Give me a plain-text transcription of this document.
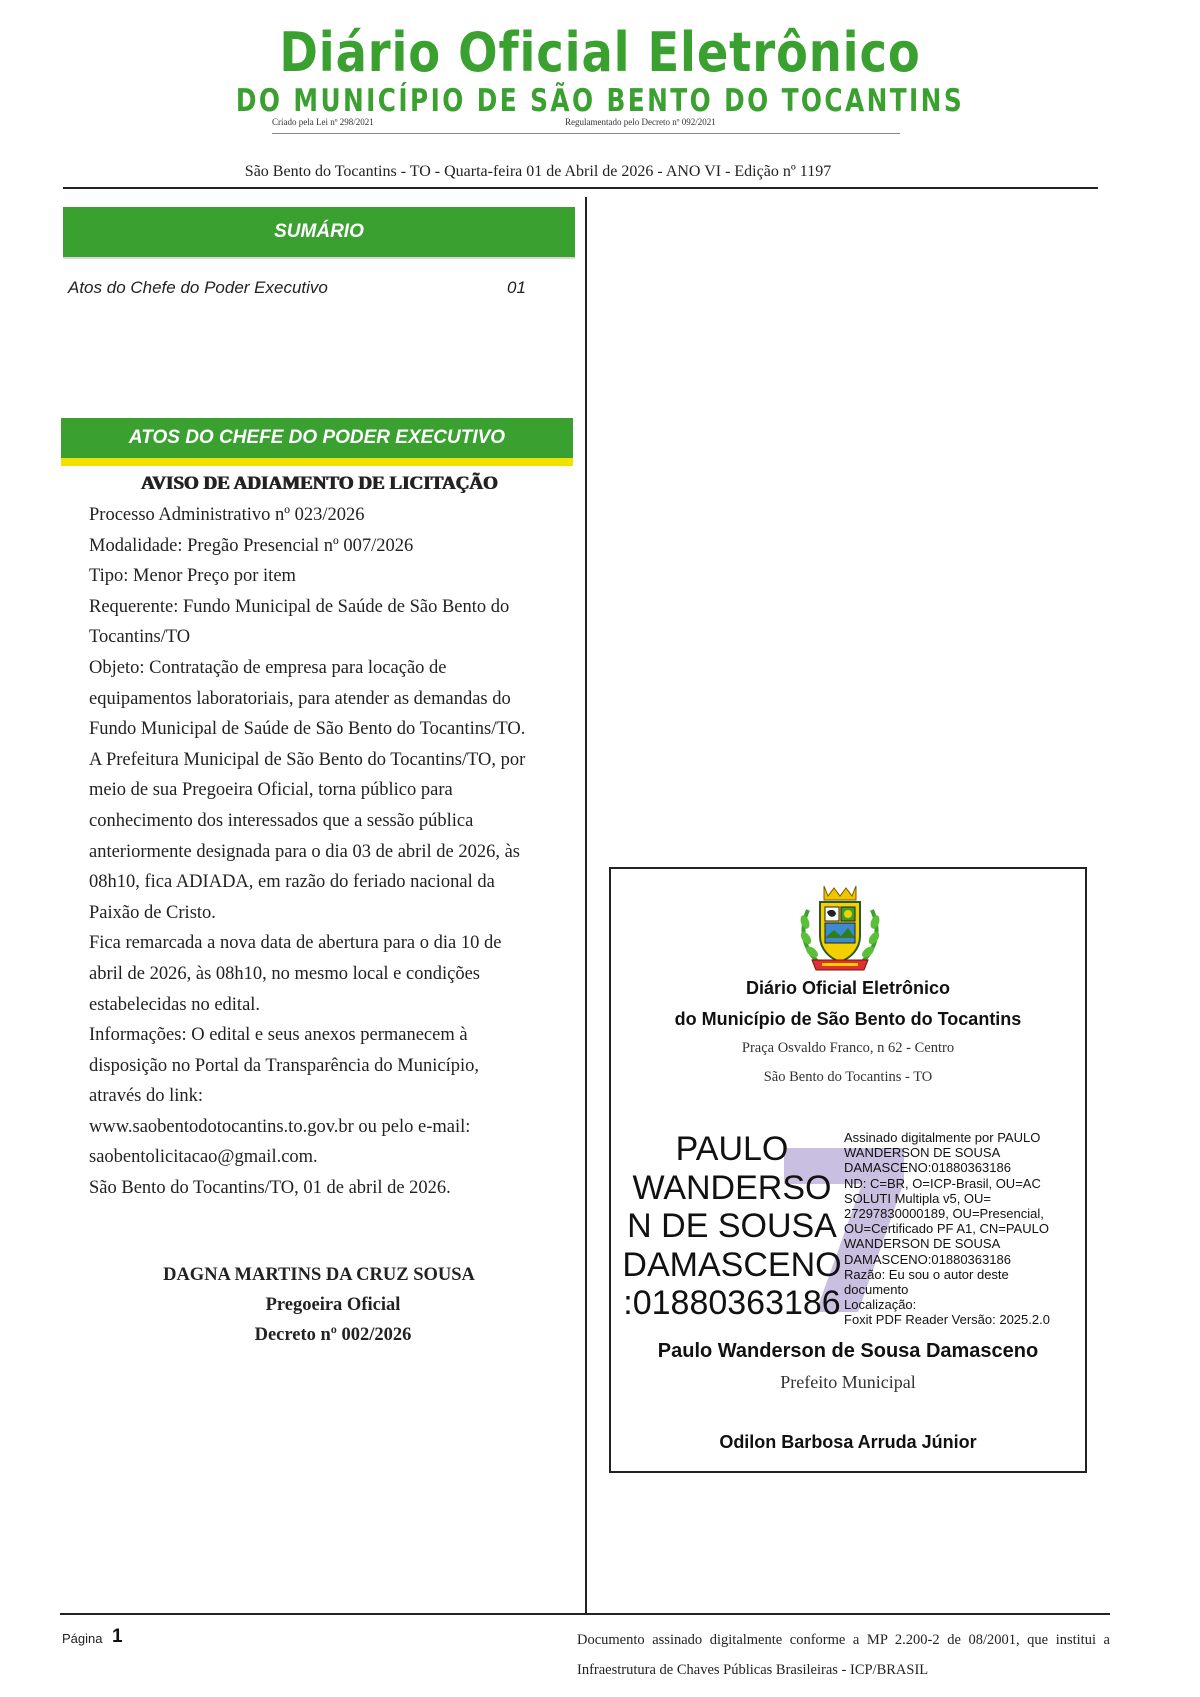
Diário Oficial Eletrônico
DO MUNICÍPIO DE SÃO BENTO DO TOCANTINS
Criado pela Lei nº 298/2021	Regulamentado pelo Decreto nº 092/2021
São Bento do Tocantins - TO - Quarta-feira 01 de Abril de 2026 - ANO VI - Edição nº 1197
SUMÁRIO
Atos do Chefe do Poder Executivo	01
ATOS DO CHEFE DO PODER EXECUTIVO
AVISO DE ADIAMENTO DE LICITAÇÃO
Processo Administrativo nº 023/2026
Modalidade: Pregão Presencial nº 007/2026
Tipo: Menor Preço por item
Requerente: Fundo Municipal de Saúde de São Bento do
Tocantins/TO
Objeto: Contratação de empresa para locação de
equipamentos laboratoriais, para atender as demandas do
Fundo Municipal de Saúde de São Bento do Tocantins/TO.
A Prefeitura Municipal de São Bento do Tocantins/TO, por
meio de sua Pregoeira Oficial, torna público para
conhecimento dos interessados que a sessão pública
anteriormente designada para o dia 03 de abril de 2026, às
08h10, fica ADIADA, em razão do feriado nacional da
Paixão de Cristo.
Fica remarcada a nova data de abertura para o dia 10 de
abril de 2026, às 08h10, no mesmo local e condições
estabelecidas no edital.
Informações: O edital e seus anexos permanecem à
disposição no Portal da Transparência do Município,
através do link:
www.saobentodotocantins.to.gov.br ou pelo e-mail:
saobentolicitacao@gmail.com.
São Bento do Tocantins/TO, 01 de abril de 2026.
DAGNA MARTINS DA CRUZ SOUSA
Pregoeira Oficial
Decreto nº 002/2026
Diário Oficial Eletrônico
do Município de São Bento do Tocantins
Praça Osvaldo Franco, n 62 - Centro
São Bento do Tocantins - TO
PAULO
WANDERSO
N DE SOUSA
DAMASCENO
:01880363186
Assinado digitalmente por PAULO
WANDERSON DE SOUSA
DAMASCENO:01880363186
ND: C=BR, O=ICP-Brasil, OU=AC
SOLUTI Multipla v5, OU=
27297830000189, OU=Presencial,
OU=Certificado PF A1, CN=PAULO
WANDERSON DE SOUSA
DAMASCENO:01880363186
Razão: Eu sou o autor deste
documento
Localização:
Foxit PDF Reader Versão: 2025.2.0
Paulo Wanderson de Sousa Damasceno
Prefeito Municipal
Odilon Barbosa Arruda Júnior
Página 1	Documento assinado digitalmente conforme a MP 2.200-2 de 08/2001, que institui a Infraestrutura de Chaves Públicas Brasileiras - ICP/BRASIL
